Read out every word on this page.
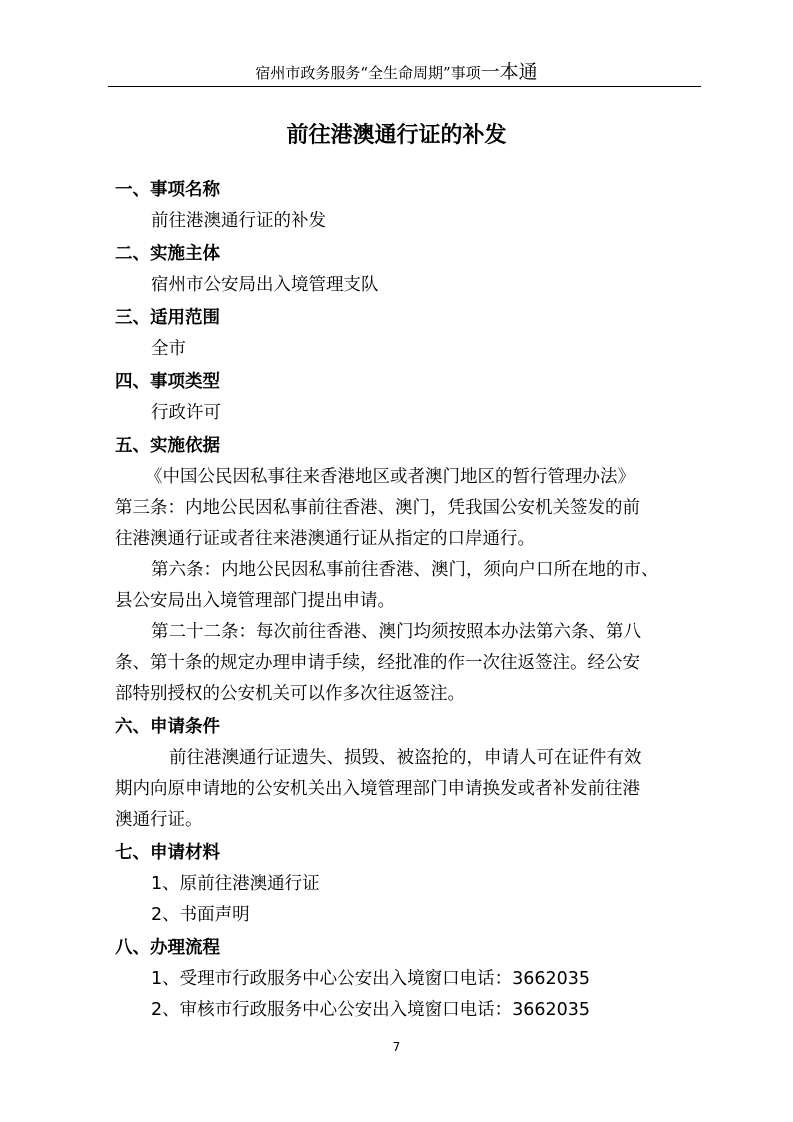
宿州市政务服务“全生命周期”事项一本通
前往港澳通行证的补发
一、事项名称
前往港澳通行证的补发
二、实施主体
宿州市公安局出入境管理支队
三、适用范围
全市
四、事项类型
行政许可
五、实施依据
《中国公民因私事往来香港地区或者澳门地区的暂行管理办法》
第三条：内地公民因私事前往香港、澳门，凭我国公安机关签发的前
往港澳通行证或者往来港澳通行证从指定的口岸通行。
第六条：内地公民因私事前往香港、澳门，须向户口所在地的市、
县公安局出入境管理部门提出申请。
第二十二条：每次前往香港、澳门均须按照本办法第六条、第八
条、第十条的规定办理申请手续，经批准的作一次往返签注。经公安
部特别授权的公安机关可以作多次往返签注。
六、申请条件
前往港澳通行证遗失、损毁、被盗抢的，申请人可在证件有效
期内向原申请地的公安机关出入境管理部门申请换发或者补发前往港
澳通行证。
七、申请材料
1、原前往港澳通行证
2、书面声明
八、办理流程
1、受理市行政服务中心公安出入境窗口电话：3662035
2、审核市行政服务中心公安出入境窗口电话：3662035
7
